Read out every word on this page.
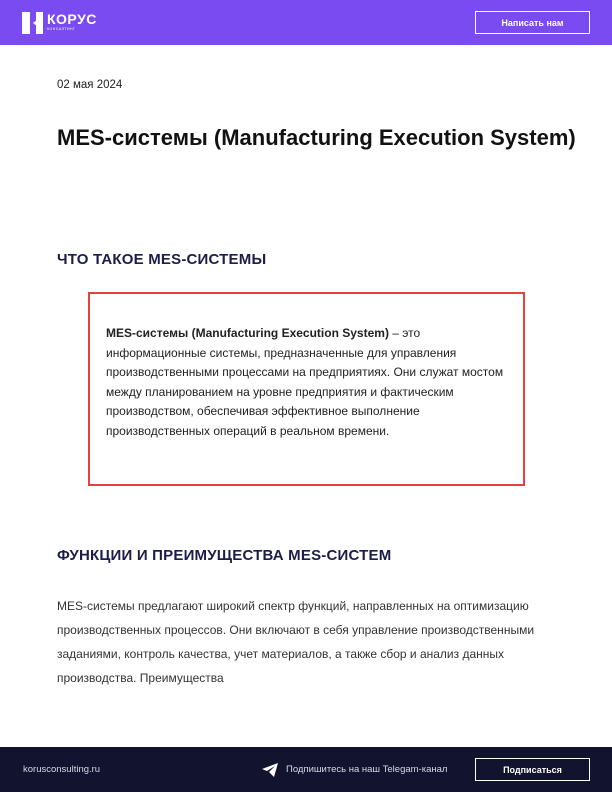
КОРУС
КОНСАЛТИНГ
Написать нам
02 мая 2024
MES-системы (Manufacturing Execution System)
ЧТО ТАКОЕ MES-СИСТЕМЫ
MES-системы (Manufacturing Execution System) – это информационные системы, предназначенные для управления производственными процессами на предприятиях. Они служат мостом между планированием на уровне предприятия и фактическим производством, обеспечивая эффективное выполнение производственных операций в реальном времени.
ФУНКЦИИ И ПРЕИМУЩЕСТВА MES-СИСТЕМ

MES-системы предлагают широкий спектр функций, направленных на оптимизацию производственных процессов. Они включают в себя управление производственными заданиями, контроль качества, учет материалов, а также сбор и анализ данных производства. Преимущества

korusconsulting.ru	Подпишитесь на наш Telegam-канал	Подписаться
